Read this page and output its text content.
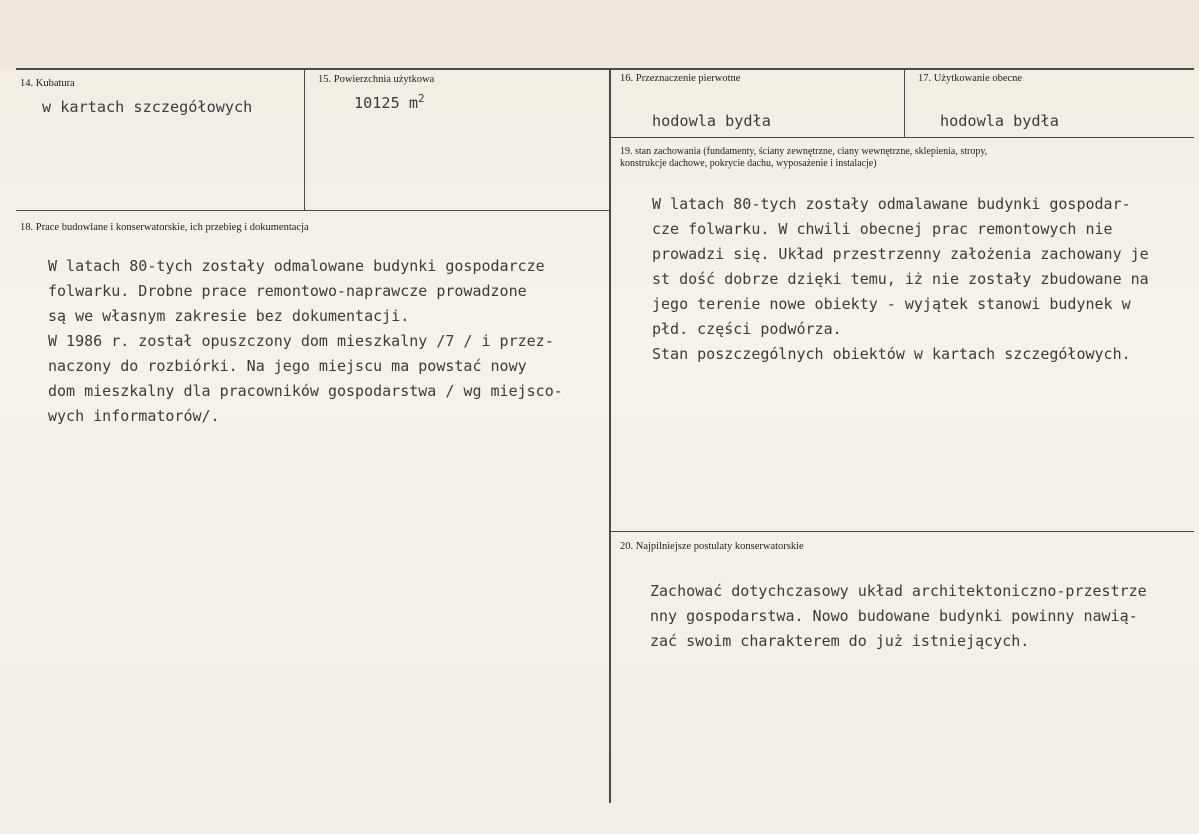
14. Kubatura
w kartach szczegółowych
15. Powierzchnia użytkowa
10125 $m^2$
16. Przeznaczenie pierwotne
hodowla bydła
17. Użytkowanie obecne
hodowla bydła
18. Prace budowlane i konserwatorskie, ich przebieg i dokumentacja
W latach 80-tych zostały odmalowane budynki gospodarcze
folwarku. Drobne prace remontowo-naprawcze prowadzone
są we własnym zakresie bez dokumentacji.
W 1986 r. został opuszczony dom mieszkalny /7 / i przez-
naczony do rozbiórki. Na jego miejscu ma powstać nowy
dom mieszkalny dla pracowników gospodarstwa / wg miejsco-
wych informatorów/.
19. stan zachowania (fundamenty, ściany zewnętrzne, ciany wewnętrzne, sklepienia, stropy,
konstrukcje dachowe, pokrycie dachu, wyposażenie i instalacje)
W latach 80-tych zostały odmalawane budynki gospodar-
cze folwarku. W chwili obecnej prac remontowych nie
prowadzi się. Układ przestrzenny założenia zachowany je
st dość dobrze dzięki temu, iż nie zostały zbudowane na
jego terenie nowe obiekty - wyjątek stanowi budynek w
płd. części podwórza.
Stan poszczególnych obiektów w kartach szczegółowych.
20. Najpilniejsze postulaty konserwatorskie
Zachować dotychczasowy układ architektoniczno-przestrze
nny gospodarstwa. Nowo budowane budynki powinny nawią-
zać swoim charakterem do już istniejących.
